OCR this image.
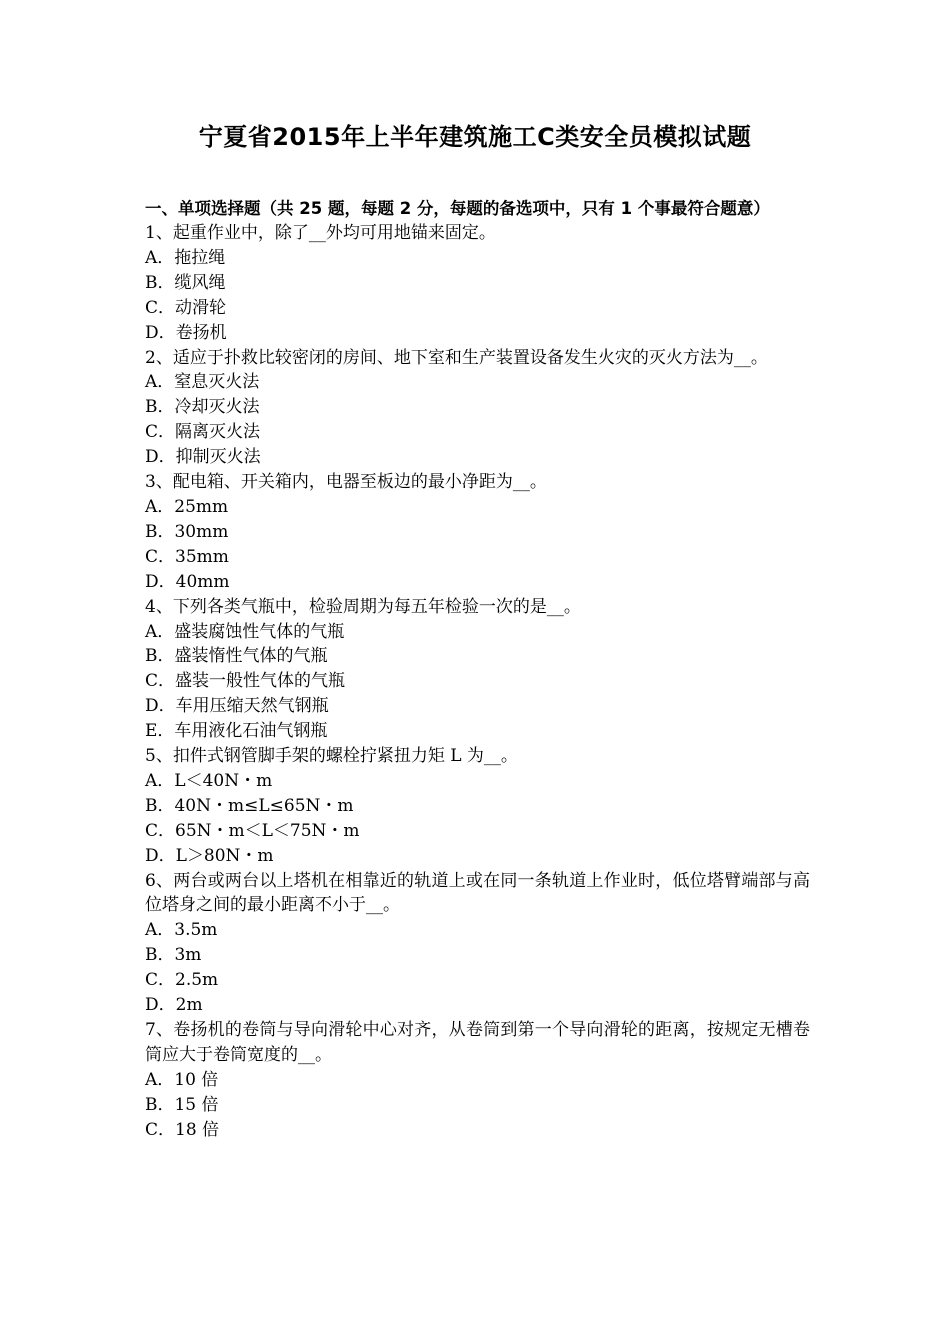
宁夏省2015年上半年建筑施工C类安全员模拟试题
一、单项选择题（共 25 题，每题 2 分，每题的备选项中，只有 1 个事最符合题意）
1、起重作业中，除了__外均可用地锚来固定。
A．拖拉绳
B．缆风绳
C．动滑轮
D．卷扬机
2、适应于扑救比较密闭的房间、地下室和生产装置设备发生火灾的灭火方法为__。
A．窒息灭火法
B．冷却灭火法
C．隔离灭火法
D．抑制灭火法
3、配电箱、开关箱内，电器至板边的最小净距为__。
A．25mm
B．30mm
C．35mm
D．40mm
4、下列各类气瓶中，检验周期为每五年检验一次的是__。
A．盛装腐蚀性气体的气瓶
B．盛装惰性气体的气瓶
C．盛装一般性气体的气瓶
D．车用压缩天然气钢瓶
E．车用液化石油气钢瓶
5、扣件式钢管脚手架的螺栓拧紧扭力矩 L 为__。
A．L＜40N・m
B．40N・m≤L≤65N・m
C．65N・m＜L＜75N・m
D．L＞80N・m
6、两台或两台以上塔机在相靠近的轨道上或在同一条轨道上作业时，低位塔臂端部与高位塔身之间的最小距离不小于__。
A．3.5m
B．3m
C．2.5m
D．2m
7、卷扬机的卷筒与导向滑轮中心对齐，从卷筒到第一个导向滑轮的距离，按规定无槽卷筒应大于卷筒宽度的__。
A．10 倍
B．15 倍
C．18 倍
